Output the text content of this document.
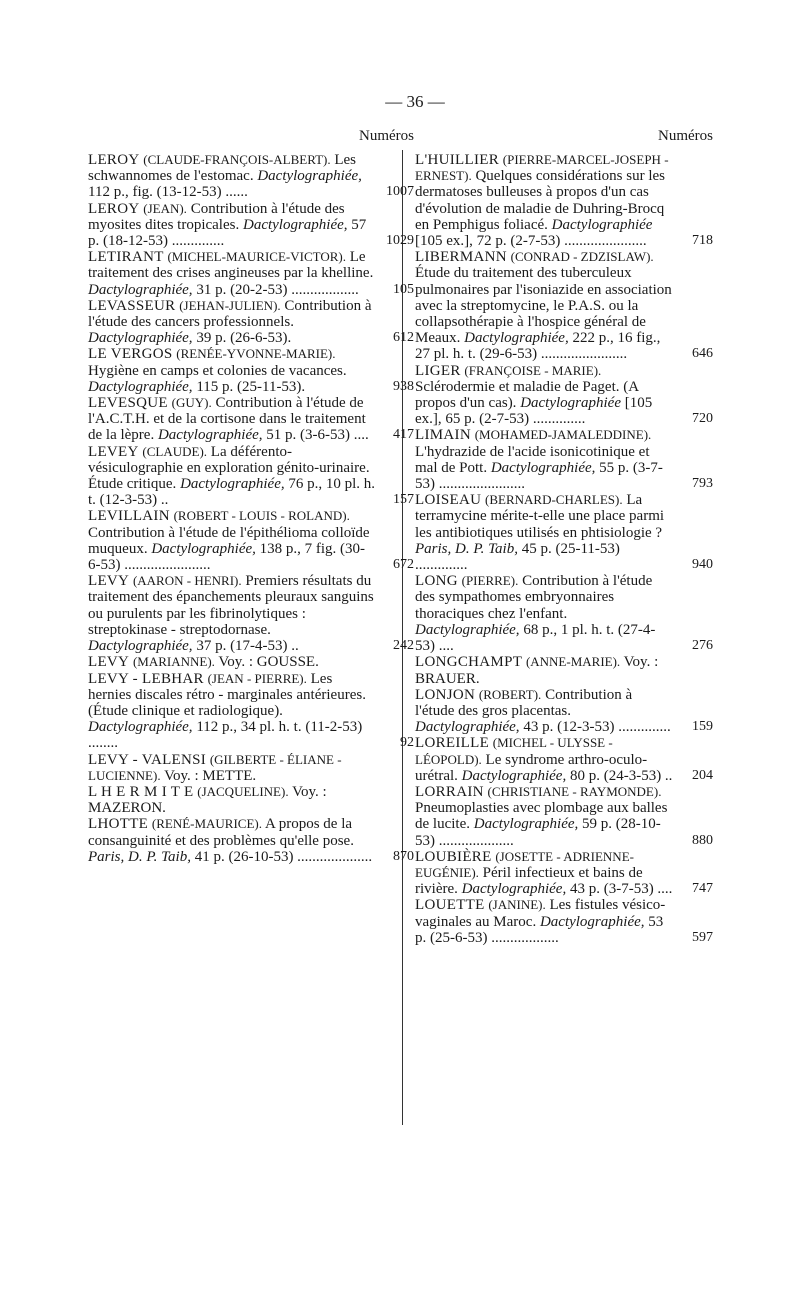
— 36 —
Numéros
LEROY (CLAUDE-FRANÇOIS-ALBERT). Les schwannomes de l'estomac. Dactylographiée, 112 p., fig. (13-12-53) ......	1007
LEROY (JEAN). Contribution à l'étude des myosites dites tropicales. Dactylographiée, 57 p. (18-12-53) ..............	1029
LETIRANT (MICHEL-MAURICE-VICTOR). Le traitement des crises angineuses par la khelline. Dactylographiée, 31 p. (20-2-53) ..................	105
LEVASSEUR (JEHAN-JULIEN). Contribution à l'étude des cancers professionnels. Dactylographiée, 39 p. (26-6-53).	612
LE VERGOS (RENÉE-YVONNE-MARIE). Hygiène en camps et colonies de vacances. Dactylographiée, 115 p. (25-11-53).	938
LEVESQUE (GUY). Contribution à l'étude de l'A.C.T.H. et de la cortisone dans le traitement de la lèpre. Dactylographiée, 51 p. (3-6-53) ....	417
LEVEY (CLAUDE). La déférento-vésiculographie en exploration génito-urinaire. Étude critique. Dactylographiée, 76 p., 10 pl. h. t. (12-3-53) ..	157
LEVILLAIN (ROBERT - LOUIS - ROLAND). Contribution à l'étude de l'épithélioma colloïde muqueux. Dactylographiée, 138 p., 7 fig. (30-6-53) .......................	672
LEVY (AARON - HENRI). Premiers résultats du traitement des épanchements pleuraux sanguins ou purulents par les fibrinolytiques : streptokinase - streptodornase. Dactylographiée, 37 p. (17-4-53) ..	242
LEVY (MARIANNE). Voy. : GOUSSE.
LEVY - LEBHAR (JEAN - PIERRE). Les hernies discales rétro - marginales antérieures. (Étude clinique et radiologique). Dactylographiée, 112 p., 34 pl. h. t. (11-2-53) ........	92
LEVY - VALENSI (GILBERTE - ÉLIANE - LUCIENNE). Voy. : METTE.
L H E R M I T E (JACQUELINE). Voy. : MAZERON.
LHOTTE (RENÉ-MAURICE). A propos de la consanguinité et des problèmes qu'elle pose. Paris, D. P. Taib, 41 p. (26-10-53) ....................	870
Numéros
L'HUILLIER (PIERRE-MARCEL-JOSEPH - ERNEST). Quelques considérations sur les dermatoses bulleuses à propos d'un cas d'évolution de maladie de Duhring-Brocq en Pemphigus foliacé. Dactylographiée [105 ex.], 72 p. (2-7-53) ......................	718
LIBERMANN (CONRAD - ZDZISLAW). Étude du traitement des tuberculeux pulmonaires par l'isoniazide en association avec la streptomycine, le P.A.S. ou la collapsothérapie à l'hospice général de Meaux. Dactylographiée, 222 p., 16 fig., 27 pl. h. t. (29-6-53) .......................	646
LIGER (FRANÇOISE - MARIE). Sclérodermie et maladie de Paget. (A propos d'un cas). Dactylographiée [105 ex.], 65 p. (2-7-53) ..............	720
LIMAIN (MOHAMED-JAMALEDDINE). L'hydrazide de l'acide isonicotinique et mal de Pott. Dactylographiée, 55 p. (3-7-53) .......................	793
LOISEAU (BERNARD-CHARLES). La terramycine mérite-t-elle une place parmi les antibiotiques utilisés en phtisiologie ? Paris, D. P. Taib, 45 p. (25-11-53) ..............	940
LONG (PIERRE). Contribution à l'étude des sympathomes embryonnaires thoraciques chez l'enfant. Dactylographiée, 68 p., 1 pl. h. t. (27-4-53) ....	276
LONGCHAMPT (ANNE-MARIE). Voy. : BRAUER.
LONJON (ROBERT). Contribution à l'étude des gros placentas. Dactylographiée, 43 p. (12-3-53) ..............	159
LOREILLE (MICHEL - ULYSSE - LÉOPOLD). Le syndrome arthro-oculo-urétral. Dactylographiée, 80 p. (24-3-53) ..	204
LORRAIN (CHRISTIANE - RAYMONDE). Pneumoplasties avec plombage aux balles de lucite. Dactylographiée, 59 p. (28-10-53) ....................	880
LOUBIÈRE (JOSETTE - ADRIENNE-EUGÉNIE). Péril infectieux et bains de rivière. Dactylographiée, 43 p. (3-7-53) ....	747
LOUETTE (JANINE). Les fistules vésico-vaginales au Maroc. Dactylographiée, 53 p. (25-6-53) ..................	597
